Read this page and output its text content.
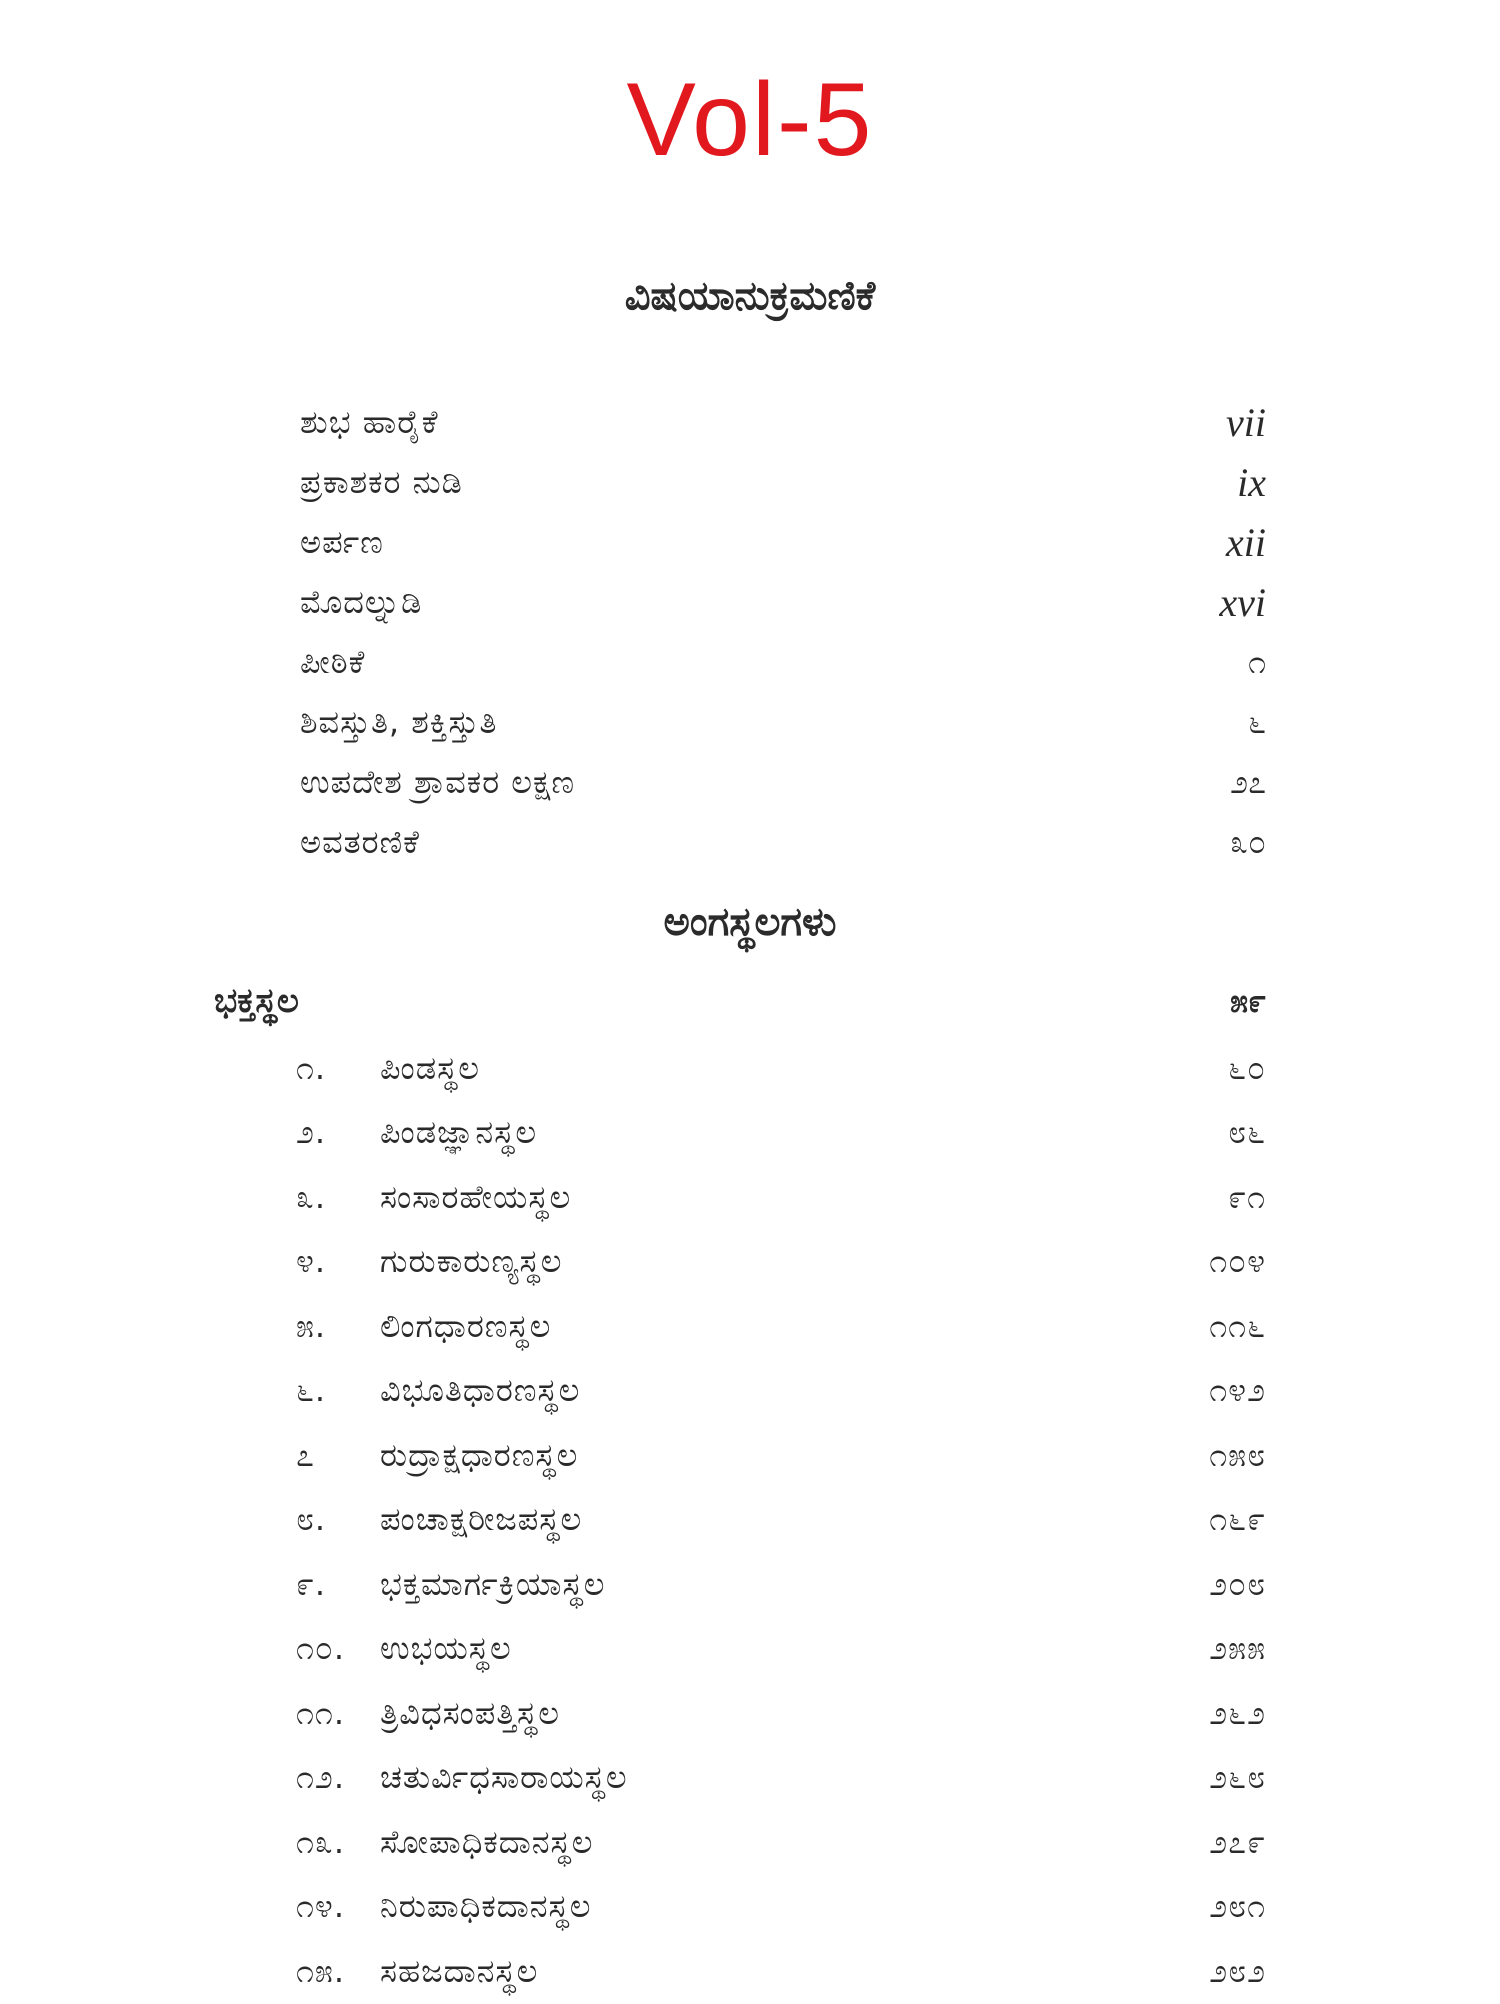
Vol-5
ವಿಷಯಾನುಕ್ರಮಣಿಕೆ
ಶುಭ ಹಾರೈಕೆ	vii
ಪ್ರಕಾಶಕರ ನುಡಿ	ix
ಅರ್ಪಣ	xii
ಮೊದಲ್ನುಡಿ	xvi
ಪೀಠಿಕೆ	೧
ಶಿವಸ್ತುತಿ, ಶಕ್ತಿಸ್ತುತಿ	೬
ಉಪದೇಶ ಶ್ರಾವಕರ ಲಕ್ಷಣ	೨೭
ಅವತರಣಿಕೆ	೩೦
ಅಂಗಸ್ಥಲಗಳು
ಭಕ್ತಸ್ಥಲ	೫೯
೧.	ಪಿಂಡಸ್ಥಲ	೬೦
೨.	ಪಿಂಡಜ್ಞಾನಸ್ಥಲ	೮೬
೩.	ಸಂಸಾರಹೇಯಸ್ಥಲ	೯೧
೪.	ಗುರುಕಾರುಣ್ಯಸ್ಥಲ	೧೦೪
೫.	ಲಿಂಗಧಾರಣಸ್ಥಲ	೧೧೬
೬.	ವಿಭೂತಿಧಾರಣಸ್ಥಲ	೧೪೨
೭	ರುದ್ರಾಕ್ಷಧಾರಣಸ್ಥಲ	೧೫೮
೮.	ಪಂಚಾಕ್ಷರೀಜಪಸ್ಥಲ	೧೬೯
೯.	ಭಕ್ತಮಾರ್ಗಕ್ರಿಯಾಸ್ಥಲ	೨೦೮
೧೦.	ಉಭಯಸ್ಥಲ	೨೫೫
೧೧.	ತ್ರಿವಿಧಸಂಪತ್ತಿಸ್ಥಲ	೨೬೨
೧೨.	ಚತುರ್ವಿಧಸಾರಾಯಸ್ಥಲ	೨೬೮
೧೩.	ಸೋಪಾಧಿಕದಾನಸ್ಥಲ	೨೭೯
೧೪.	ನಿರುಪಾಧಿಕದಾನಸ್ಥಲ	೨೮೧
೧೫.	ಸಹಜದಾನಸ್ಥಲ	೨೮೨
